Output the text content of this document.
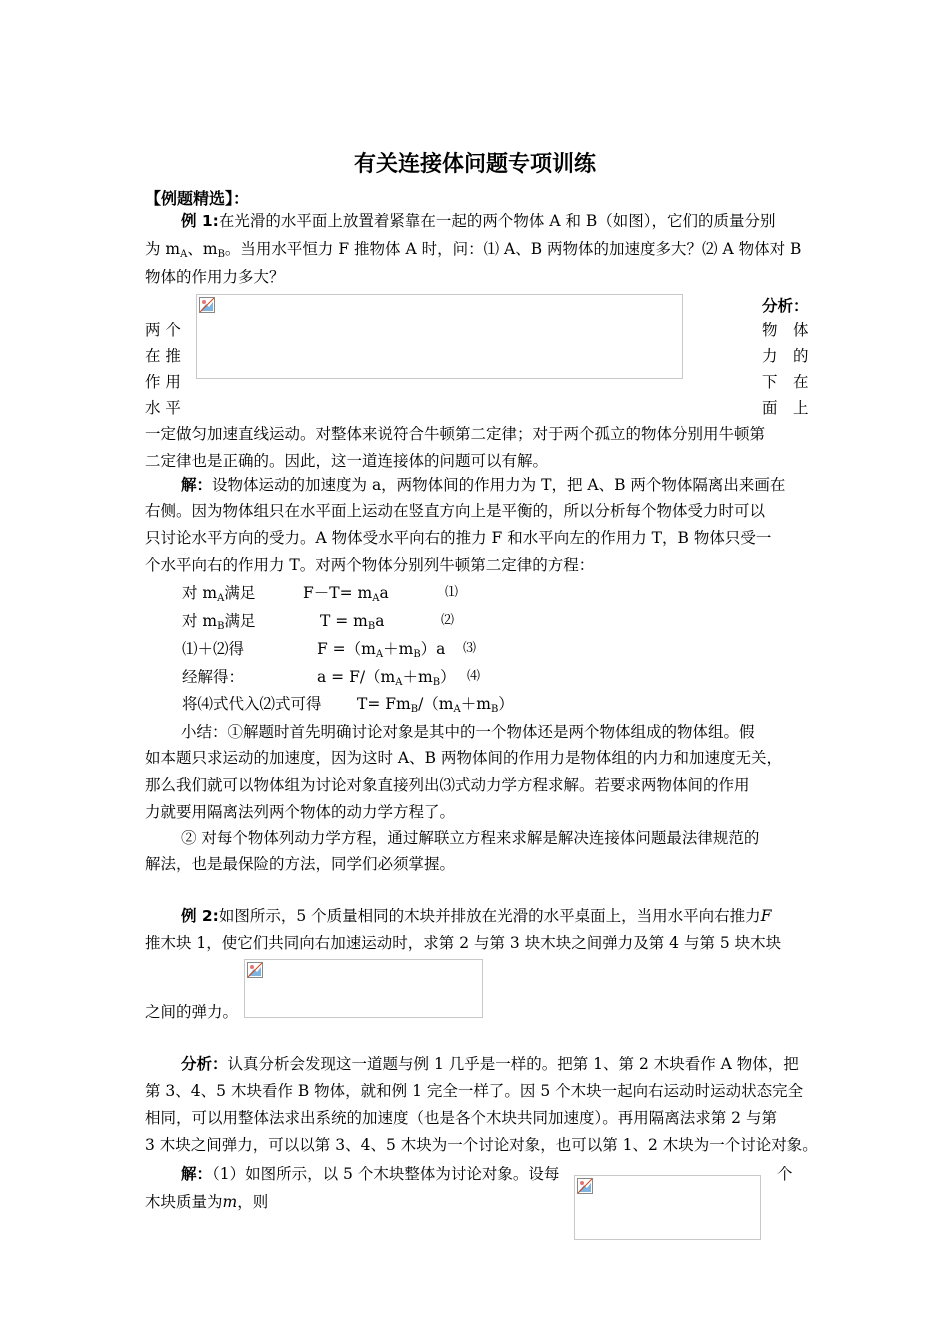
有关连接体问题专项训练
【例题精选】：
例 1:在光滑的水平面上放置着紧靠在一起的两个物体 A 和 B（如图），它们的质量分别
为 $m_A$、$m_B$。当用水平恒力 F 推物体 A 时，问：⑴ A、B 两物体的加速度多大？⑵ A 物体对 B
物体的作用力多大？
分析：
两 个
在 推
作 用
水 平
物　体
力　的
下　在
面　上
一定做匀加速直线运动。对整体来说符合牛顿第二定律；对于两个孤立的物体分别用牛顿第
二定律也是正确的。因此，这一道连接体的问题可以有解。
解：设物体运动的加速度为 a，两物体间的作用力为 T，把 A、B 两个物体隔离出来画在
右侧。因为物体组只在水平面上运动在竖直方向上是平衡的，所以分析每个物体受力时可以
只讨论水平方向的受力。A 物体受水平向右的推力 F 和水平向左的作用力 T，B 物体只受一
个水平向右的作用力 T。对两个物体分别列牛顿第二定律的方程：
对 $m_A$满足	$F-T= m_Aa$	⑴
对 $m_B$满足	$T = m_Ba$	⑵
⑴＋⑵得	$F =(m_A+m_B)a$ ⑶
经解得：	$a = F/(m_A+m_B)$ ⑷
将⑷式代入⑵式可得 $T= Fm_B/(m_A+m_B)$
小结：①解题时首先明确讨论对象是其中的一个物体还是两个物体组成的物体组。假
如本题只求运动的加速度，因为这时 A、B 两物体间的作用力是物体组的内力和加速度无关，
那么我们就可以物体组为讨论对象直接列出⑶式动力学方程求解。若要求两物体间的作用
力就要用隔离法列两个物体的动力学方程了。
② 对每个物体列动力学方程，通过解联立方程来求解是解决连接体问题最法律规范的
解法，也是最保险的方法，同学们必须掌握。
例 2:如图所示，5 个质量相同的木块并排放在光滑的水平桌面上，当用水平向右推力F
推木块 1，使它们共同向右加速运动时，求第 2 与第 3 块木块之间弹力及第 4 与第 5 块木块
之间的弹力。
分析：认真分析会发现这一道题与例 1 几乎是一样的。把第 1、第 2 木块看作 A 物体，把
第 3、4、5 木块看作 B 物体，就和例 1 完全一样了。因 5 个木块一起向右运动时运动状态完全
相同，可以用整体法求出系统的加速度（也是各个木块共同加速度）。再用隔离法求第 2 与第
3 木块之间弹力，可以以第 3、4、5 木块为一个讨论对象，也可以第 1、2 木块为一个讨论对象。
解：（1）如图所示，以 5 个木块整体为讨论对象。设每	个
木块质量为m，则
